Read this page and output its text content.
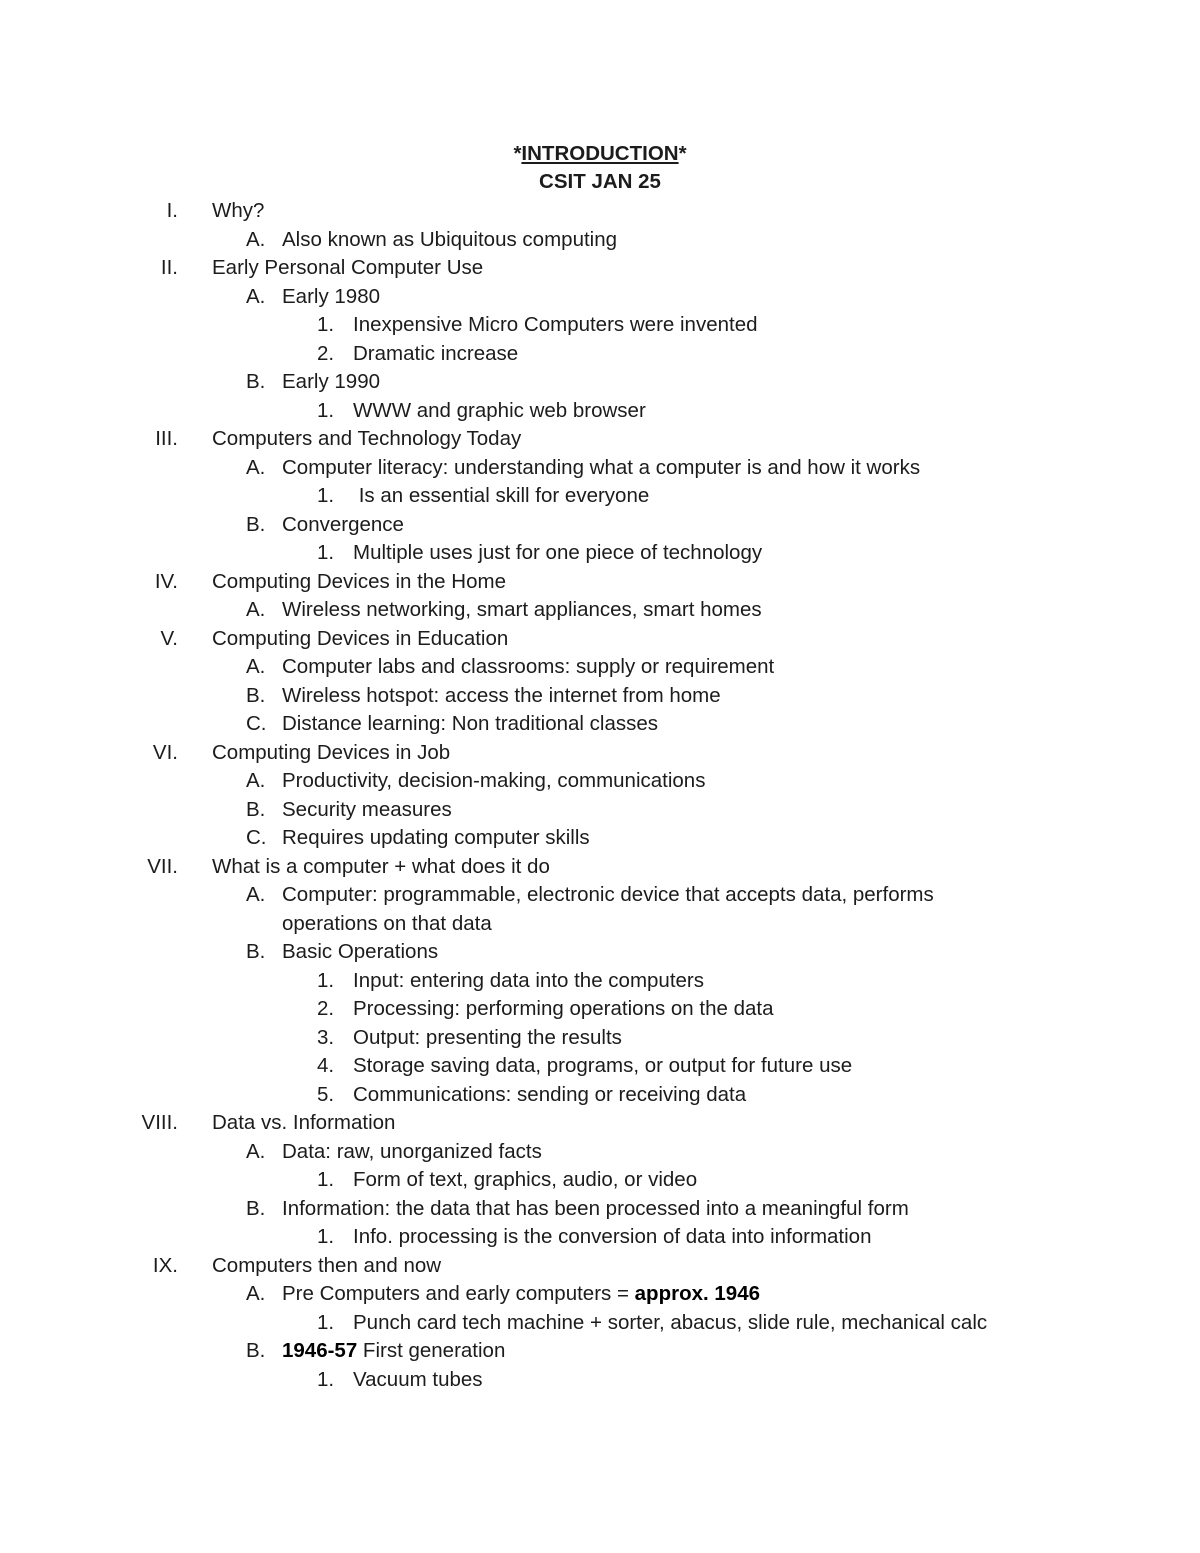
*INTRODUCTION*
CSIT JAN 25
I. Why?
A. Also known as Ubiquitous computing
II. Early Personal Computer Use
A. Early 1980
1. Inexpensive Micro Computers were invented
2. Dramatic increase
B. Early 1990
1. WWW and graphic web browser
III. Computers and Technology Today
A. Computer literacy: understanding what a computer is and how it works
1. Is an essential skill for everyone
B. Convergence
1. Multiple uses just for one piece of technology
IV. Computing Devices in the Home
A. Wireless networking, smart appliances, smart homes
V. Computing Devices in Education
A. Computer labs and classrooms: supply or requirement
B. Wireless hotspot: access the internet from home
C. Distance learning: Non traditional classes
VI. Computing Devices in Job
A. Productivity, decision-making, communications
B. Security measures
C. Requires updating computer skills
VII. What is a computer + what does it do
A. Computer: programmable, electronic device that accepts data, performs
operations on that data
B. Basic Operations
1. Input: entering data into the computers
2. Processing: performing operations on the data
3. Output: presenting the results
4. Storage saving data, programs, or output for future use
5. Communications: sending or receiving data
VIII. Data vs. Information
A. Data: raw, unorganized facts
1. Form of text, graphics, audio, or video
B. Information: the data that has been processed into a meaningful form
1. Info. processing is the conversion of data into information
IX. Computers then and now
A. Pre Computers and early computers = approx. 1946
1. Punch card tech machine + sorter, abacus, slide rule, mechanical calc
B. 1946-57 First generation
1. Vacuum tubes
